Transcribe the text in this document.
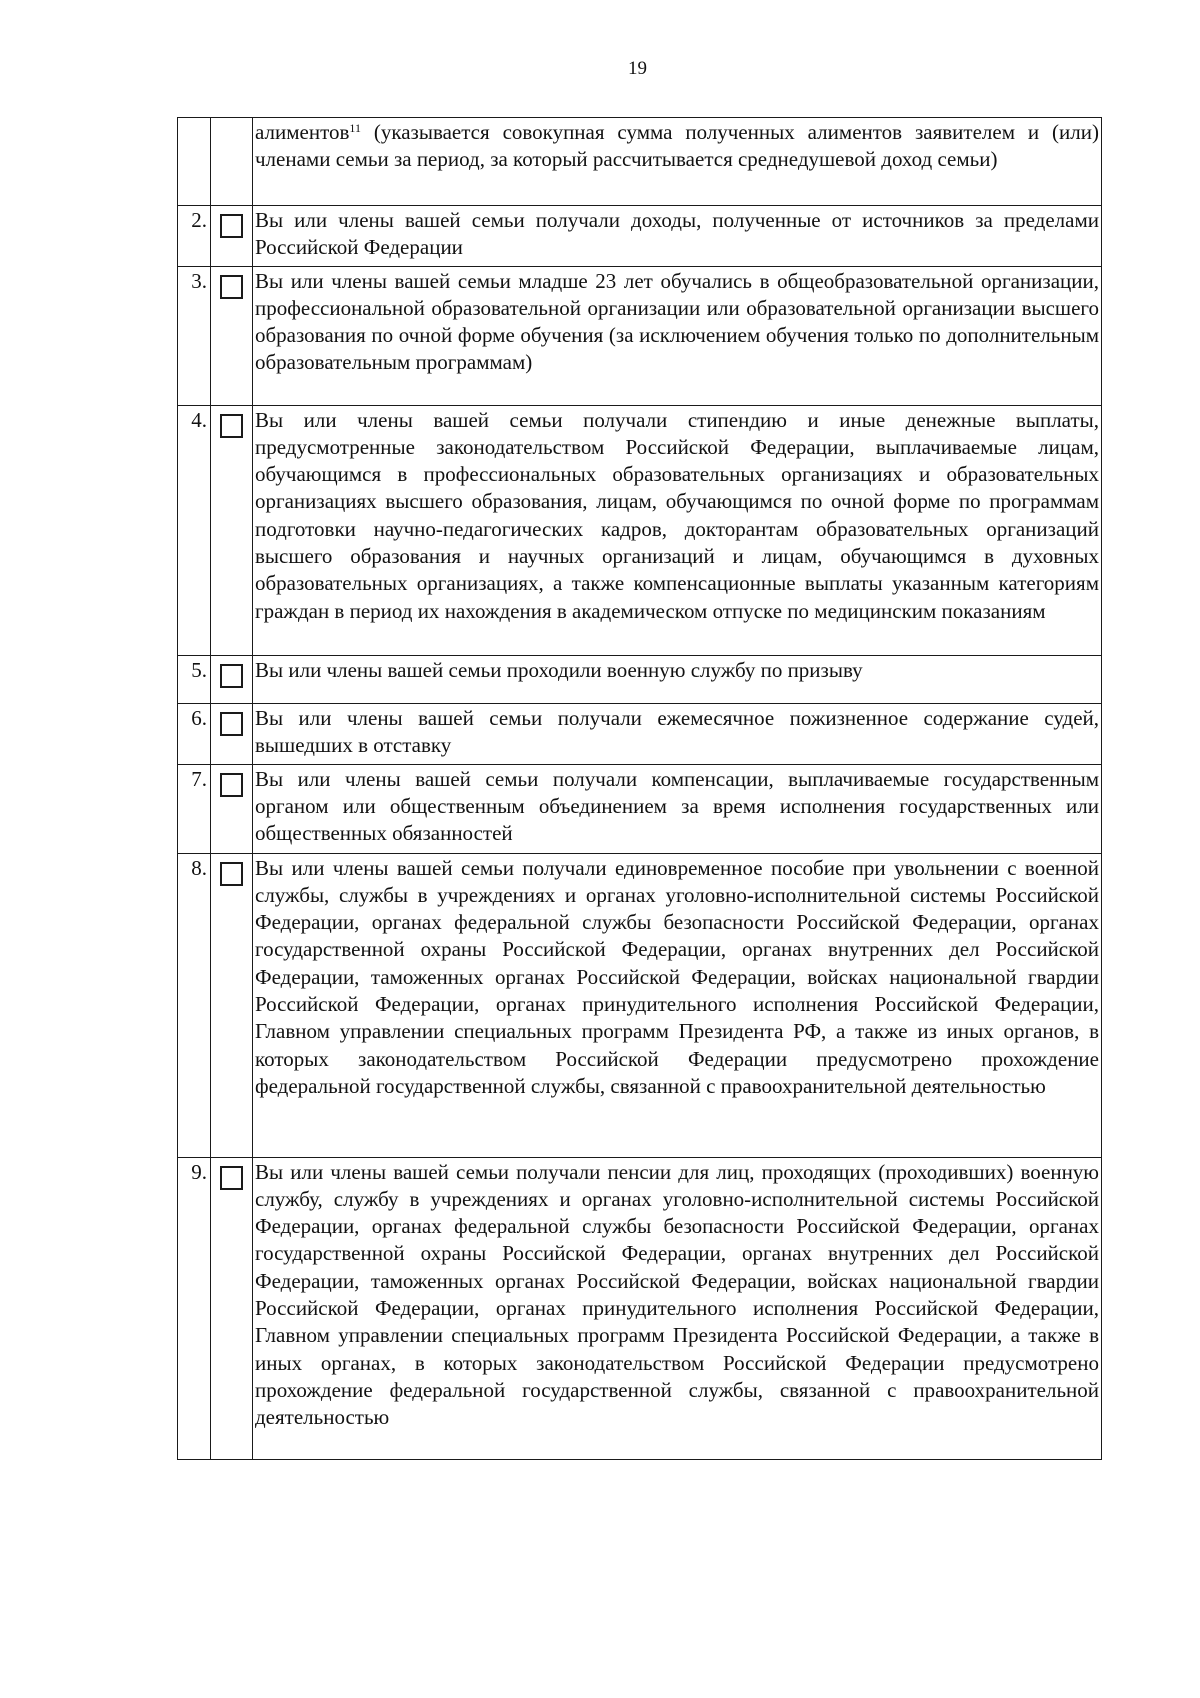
19
		алиментов$^{11}$ (указывается совокупная сумма полученных алиментов заявителем и (или) членами семьи за период, за который рассчитывается среднедушевой доход семьи)
2.		Вы или члены вашей семьи получали доходы, полученные от источников за пределами Российской Федерации
3.		Вы или члены вашей семьи младше 23 лет обучались в общеобразовательной организации, профессиональной образовательной организации или образовательной организации высшего образования по очной форме обучения (за исключением обучения только по дополнительным образовательным программам)
4.		Вы или члены вашей семьи получали стипендию и иные денежные выплаты, предусмотренные законодательством Российской Федерации, выплачиваемые лицам, обучающимся в профессиональных образовательных организациях и образовательных организациях высшего образования, лицам, обучающимся по очной форме по программам подготовки научно-педагогических кадров, докторантам образовательных организаций высшего образования и научных организаций и лицам, обучающимся в духовных образовательных организациях, а также компенсационные выплаты указанным категориям граждан в период их нахождения в академическом отпуске по медицинским показаниям
5.		Вы или члены вашей семьи проходили военную службу по призыву
6.		Вы или члены вашей семьи получали ежемесячное пожизненное содержание судей, вышедших в отставку
7.		Вы или члены вашей семьи получали компенсации, выплачиваемые государственным органом или общественным объединением за время исполнения государственных или общественных обязанностей
8.		Вы или члены вашей семьи получали единовременное пособие при увольнении с военной службы, службы в учреждениях и органах уголовно-исполнительной системы Российской Федерации, органах федеральной службы безопасности Российской Федерации, органах государственной охраны Российской Федерации, органах внутренних дел Российской Федерации, таможенных органах Российской Федерации, войсках национальной гвардии Российской Федерации, органах принудительного исполнения Российской Федерации, Главном управлении специальных программ Президента РФ, а также из иных органов, в которых законодательством Российской Федерации предусмотрено прохождение федеральной государственной службы, связанной с правоохранительной деятельностью
9.		Вы или члены вашей семьи получали пенсии для лиц, проходящих (проходивших) военную службу, службу в учреждениях и органах уголовно-исполнительной системы Российской Федерации, органах федеральной службы безопасности Российской Федерации, органах государственной охраны Российской Федерации, органах внутренних дел Российской Федерации, таможенных органах Российской Федерации, войсках национальной гвардии Российской Федерации, органах принудительного исполнения Российской Федерации, Главном управлении специальных программ Президента Российской Федерации, а также в иных органах, в которых законодательством Российской Федерации предусмотрено прохождение федеральной государственной службы, связанной с правоохранительной деятельностью
